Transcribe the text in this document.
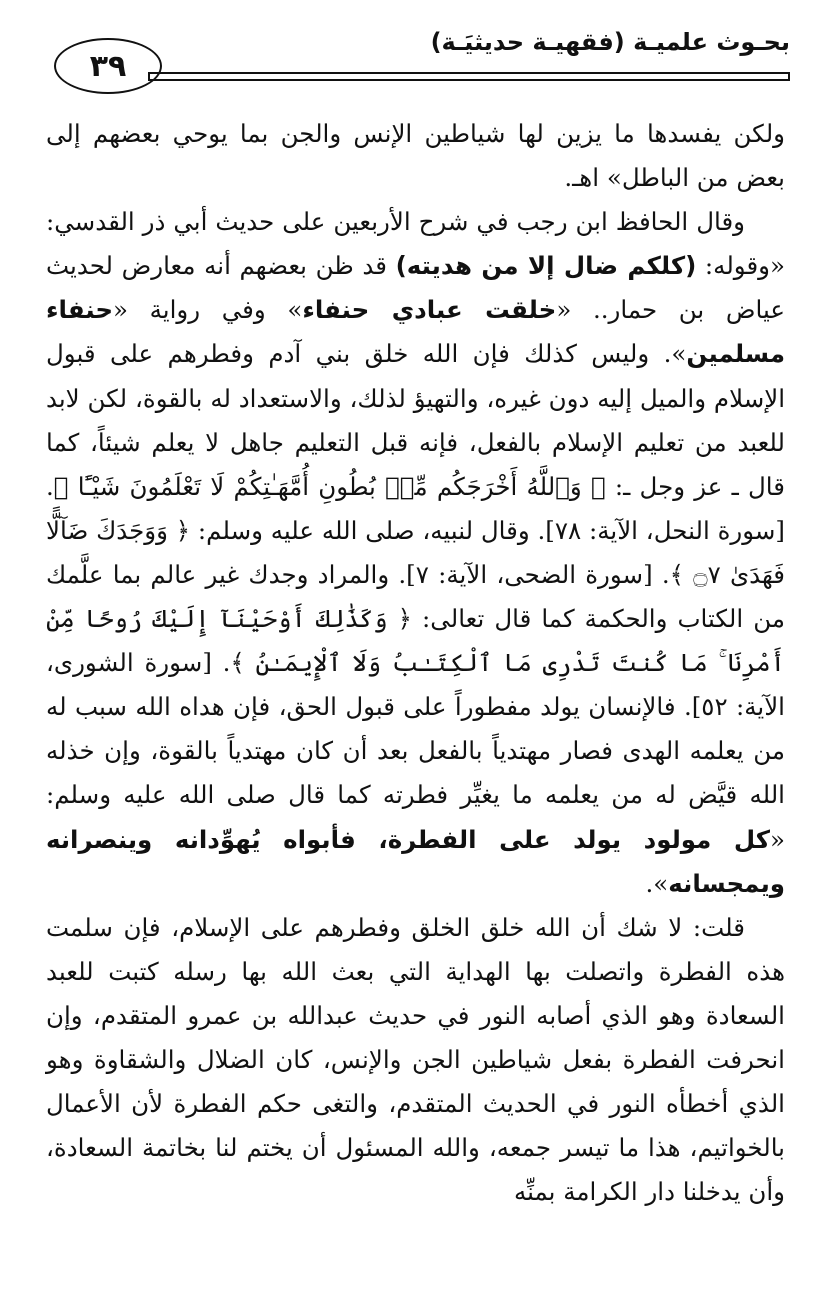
٣٩
بحـوث علميـة (فقهيـة حديثيَـة)

ولكن يفسدها ما يزين لها شياطين الإنس والجن بما يوحي بعضهم إلى بعض من الباطل» اهـ.

وقال الحافظ ابن رجب في شرح الأربعين على حديث أبي ذر القدسي: «وقوله: (كلكم ضال إلا من هديته) قد ظن بعضهم أنه معارض لحديث عياض بن حمار.. «خلقت عبادي حنفاء» وفي رواية «حنفاء مسلمين». وليس كذلك فإن الله خلق بني آدم وفطرهم على قبول الإسلام والميل إليه دون غيره، والتهيؤ لذلك، والاستعداد له بالقوة، لكن لابد للعبد من تعليم الإسلام بالفعل، فإنه قبل التعليم جاهل لا يعلم شيئاً، كما قال ـ عز وجل ـ: ﴿ وَٱللَّهُ أَخْرَجَكُم مِّنۢ بُطُونِ أُمَّهَـٰتِكُمْ لَا تَعْلَمُونَ شَيْـًٔا ﴾. [سورة النحل، الآية: ٧٨]. وقال لنبيه، صلى الله عليه وسلم: ﴿ وَوَجَدَكَ ضَآلًّا فَهَدَىٰ ۝٧ ﴾. [سورة الضحى، الآية: ٧]. والمراد وجدك غير عالم بما علَّمك من الكتاب والحكمة كما قال تعالى: ﴿ وَكَذَٰلِكَ أَوْحَيْنَآ إِلَيْكَ رُوحًا مِّنْ أَمْرِنَا ۚ مَا كُنتَ تَدْرِى مَا ٱلْكِتَـٰبُ وَلَا ٱلْإِيمَـٰنُ ﴾. [سورة الشورى، الآية: ٥٢]. فالإنسان يولد مفطوراً على قبول الحق، فإن هداه الله سبب له من يعلمه الهدى فصار مهتدياً بالفعل بعد أن كان مهتدياً بالقوة، وإن خذله الله قيَّض له من يعلمه ما يغيِّر فطرته كما قال صلى الله عليه وسلم: «كل مولود يولد على الفطرة، فأبواه يُهوِّدانه وينصرانه ويمجسانه».

قلت: لا شك أن الله خلق الخلق وفطرهم على الإسلام، فإن سلمت هذه الفطرة واتصلت بها الهداية التي بعث الله بها رسله كتبت للعبد السعادة وهو الذي أصابه النور في حديث عبدالله بن عمرو المتقدم، وإن انحرفت الفطرة بفعل شياطين الجن والإنس، كان الضلال والشقاوة وهو الذي أخطأه النور في الحديث المتقدم، والتغى حكم الفطرة لأن الأعمال بالخواتيم، هذا ما تيسر جمعه، والله المسئول أن يختم لنا بخاتمة السعادة، وأن يدخلنا دار الكرامة بمنِّه
